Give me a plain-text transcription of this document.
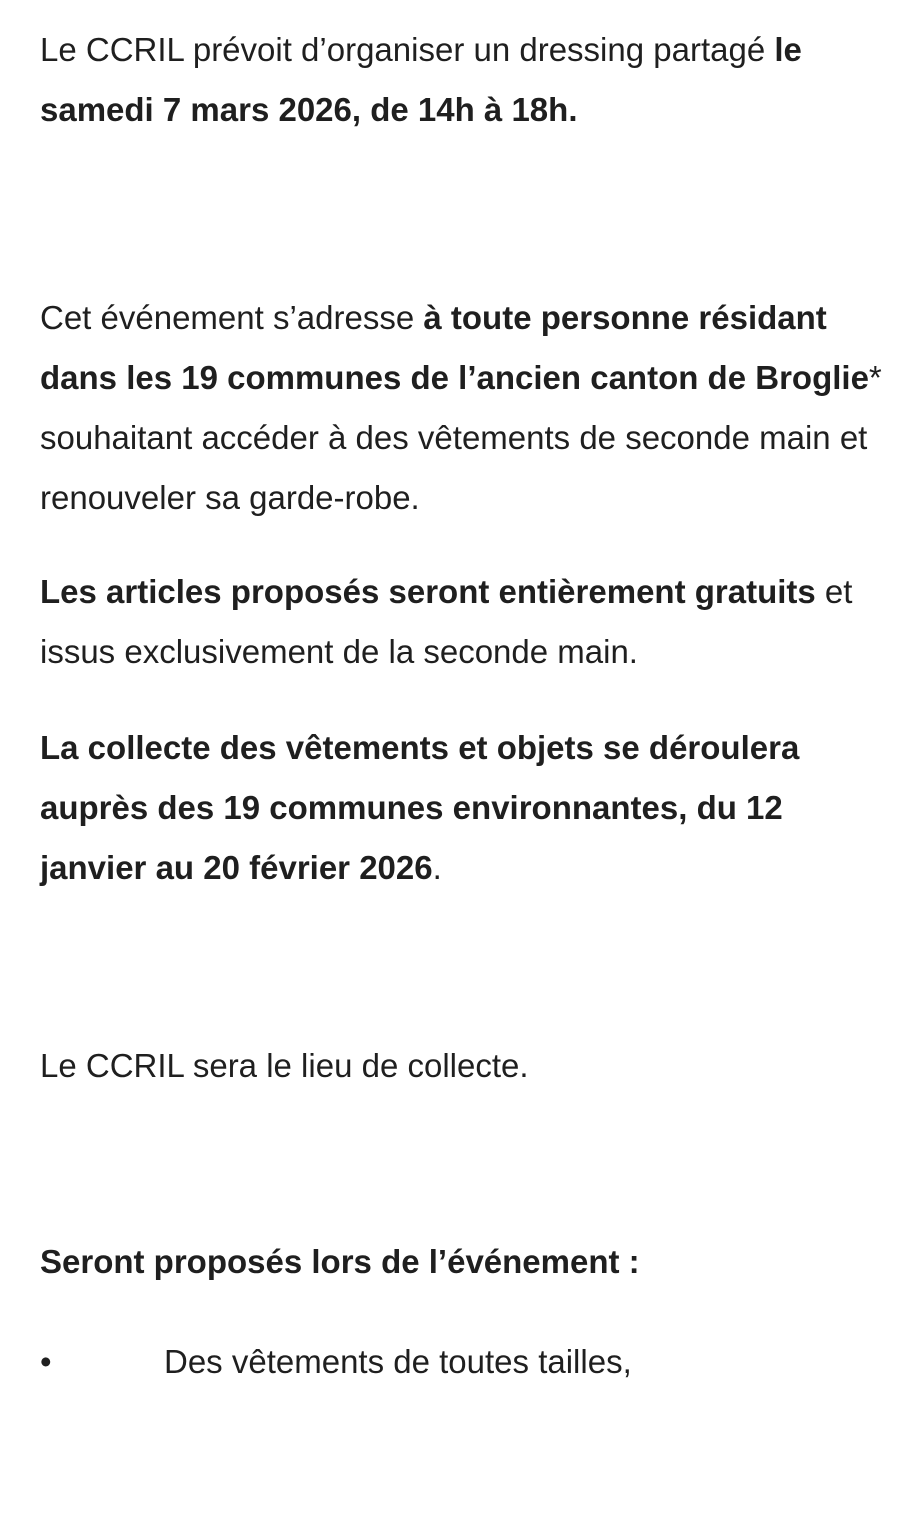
Le CCRIL prévoit d’organiser un dressing partagé le samedi 7 mars 2026, de 14h à 18h.

Cet événement s’adresse à toute personne résidant dans les 19 communes de l’ancien canton de Broglie* souhaitant accéder à des vêtements de seconde main et renouveler sa garde-robe.

Les articles proposés seront entièrement gratuits et issus exclusivement de la seconde main.

La collecte des vêtements et objets se déroulera auprès des 19 communes environnantes, du 12 janvier au 20 février 2026.

Le CCRIL sera le lieu de collecte.

Seront proposés lors de l’événement :

•	Des vêtements de toutes tailles,
